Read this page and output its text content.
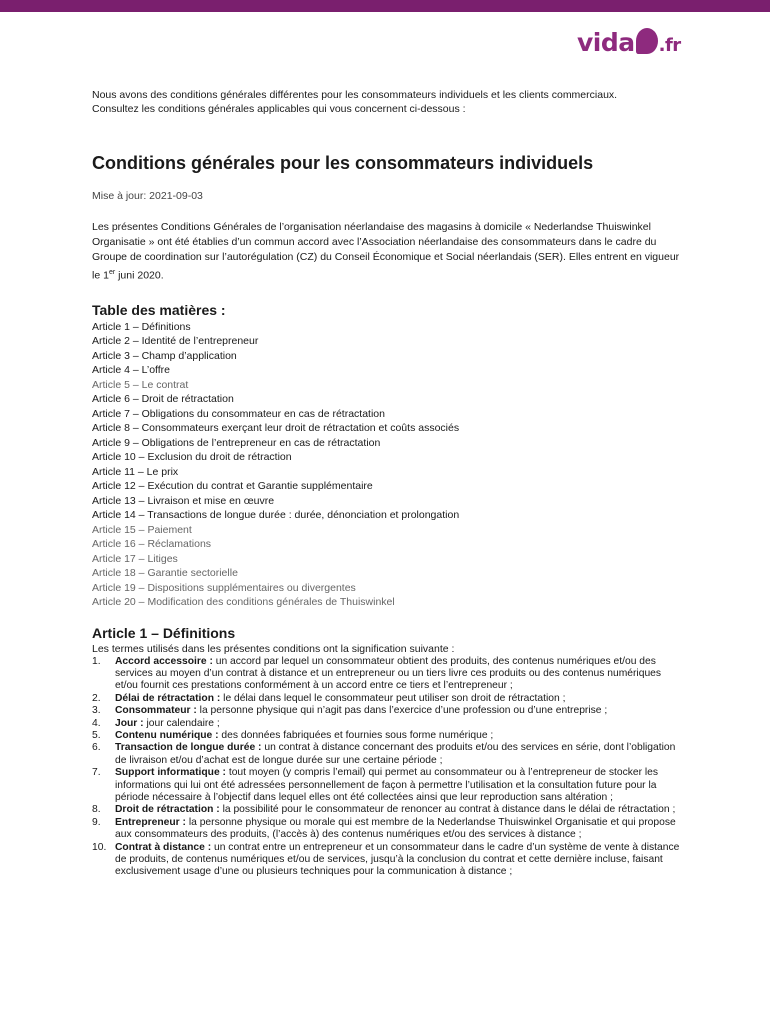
vida .fr

Nous avons des conditions générales différentes pour les consommateurs individuels et les clients commerciaux.
Consultez les conditions générales applicables qui vous concernent ci-dessous :

Conditions générales pour les consommateurs individuels

Mise à jour: 2021-09-03

Les présentes Conditions Générales de l’organisation néerlandaise des magasins à domicile « Nederlandse Thuiswinkel Organisatie » ont été établies d’un commun accord avec l’Association néerlandaise des consommateurs dans le cadre du Groupe de coordination sur l’autorégulation (CZ) du Conseil Économique et Social néerlandais (SER). Elles entrent en vigueur le 1er juni 2020.

Table des matières :
Article 1 – Définitions
Article 2 – Identité de l’entrepreneur
Article 3 – Champ d’application
Article 4 – L’offre
Article 5 – Le contrat
Article 6 – Droit de rétractation
Article 7 – Obligations du consommateur en cas de rétractation
Article 8 – Consommateurs exerçant leur droit de rétractation et coûts associés
Article 9 – Obligations de l’entrepreneur en cas de rétractation
Article 10 – Exclusion du droit de rétraction
Article 11 – Le prix
Article 12 – Exécution du contrat et Garantie supplémentaire
Article 13 – Livraison et mise en œuvre
Article 14 – Transactions de longue durée : durée, dénonciation et prolongation
Article 15 – Paiement
Article 16 – Réclamations
Article 17 – Litiges
Article 18 – Garantie sectorielle
Article 19 – Dispositions supplémentaires ou divergentes
Article 20 – Modification des conditions générales de Thuiswinkel
Article 1 – Définitions

Les termes utilisés dans les présentes conditions ont la signification suivante :

1.	Accord accessoire : un accord par lequel un consommateur obtient des produits, des contenus numériques et/ou des services au moyen d’un contrat à distance et un entrepreneur ou un tiers livre ces produits ou des contenus numériques et/ou fournit ces prestations conformément à un accord entre ce tiers et l’entrepreneur ;
2.	Délai de rétractation : le délai dans lequel le consommateur peut utiliser son droit de rétractation ;
3.	Consommateur : la personne physique qui n’agit pas dans l’exercice d’une profession ou d’une entreprise ;
4.	Jour : jour calendaire ;
5.	Contenu numérique : des données fabriquées et fournies sous forme numérique ;
6.	Transaction de longue durée : un contrat à distance concernant des produits et/ou des services en série, dont l’obligation de livraison et/ou d’achat est de longue durée sur une certaine période ;
7.	Support informatique : tout moyen (y compris l’email) qui permet au consommateur ou à l’entrepreneur de stocker les informations qui lui ont été adressées personnellement de façon à permettre l’utilisation et la consultation future pour la période nécessaire à l’objectif dans lequel elles ont été collectées ainsi que leur reproduction sans altération ;
8.	Droit de rétractation : la possibilité pour le consommateur de renoncer au contrat à distance dans le délai de rétractation ;
9.	Entrepreneur : la personne physique ou morale qui est membre de la Nederlandse Thuiswinkel Organisatie et qui propose aux consommateurs des produits, (l’accès à) des contenus numériques et/ou des services à distance ;
10. Contrat à distance : un contrat entre un entrepreneur et un consommateur dans le cadre d’un système de vente à distance de produits, de contenus numériques et/ou de services, jusqu’à la conclusion du contrat et cette dernière incluse, faisant exclusivement usage d’une ou plusieurs techniques pour la communication à distance ;
